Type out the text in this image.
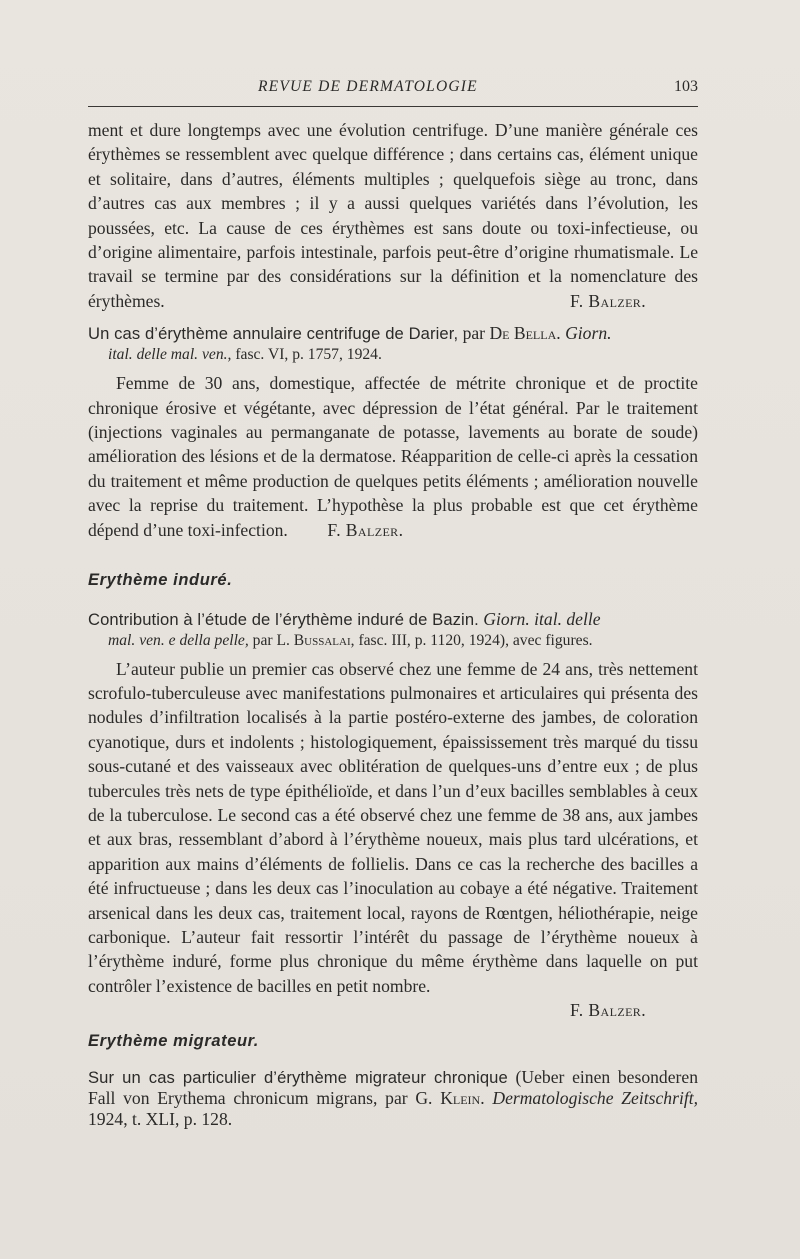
REVUE DE DERMATOLOGIE	103

ment et dure longtemps avec une évolution centrifuge. D’une manière générale ces érythèmes se ressemblent avec quelque différence ; dans certains cas, élément unique et solitaire, dans d’autres, éléments multiples ; quelquefois siège au tronc, dans d’autres cas aux membres ; il y a aussi quelques variétés dans l’évolution, les poussées, etc. La cause de ces érythèmes est sans doute ou toxi-infectieuse, ou d’origine alimentaire, parfois intestinale, parfois peut-être d’origine rhumatismale. Le travail se termine par des considérations sur la définition et la nomenclature des érythèmes.	F. Balzer.

Un cas d’érythème annulaire centrifuge de Darier, par De Bella. Giorn.
ital. delle mal. ven., fasc. VI, p. 1757, 1924.

Femme de 30 ans, domestique, affectée de métrite chronique et de proctite chronique érosive et végétante, avec dépression de l’état général. Par le traitement (injections vaginales au permanganate de potasse, lavements au borate de soude) amélioration des lésions et de la dermatose. Réapparition de celle-ci après la cessation du traitement et même production de quelques petits éléments ; amélioration nouvelle avec la reprise du traitement. L’hypothèse la plus probable est que cet érythème dépend d’une toxi-infection. F. Balzer.

Erythème induré.

Contribution à l’étude de l’érythème induré de Bazin. Giorn. ital. delle
mal. ven. e della pelle, par L. Bussalai, fasc. III, p. 1120, 1924), avec figures.

L’auteur publie un premier cas observé chez une femme de 24 ans, très nettement scrofulo-tuberculeuse avec manifestations pulmonaires et articulaires qui présenta des nodules d’infiltration localisés à la partie postéro-externe des jambes, de coloration cyanotique, durs et indolents ; histologiquement, épaississement très marqué du tissu sous-cutané et des vaisseaux avec oblitération de quelques-uns d’entre eux ; de plus tubercules très nets de type épithélioïde, et dans l’un d’eux bacilles semblables à ceux de la tuberculose. Le second cas a été observé chez une femme de 38 ans, aux jambes et aux bras, ressemblant d’abord à l’érythème noueux, mais plus tard ulcérations, et apparition aux mains d’éléments de follielis. Dans ce cas la recherche des bacilles a été infructueuse ; dans les deux cas l’inoculation au cobaye a été négative. Traitement arsenical dans les deux cas, traitement local, rayons de Rœntgen, héliothérapie, neige carbonique. L’auteur fait ressortir l’intérêt du passage de l’érythème noueux à l’érythème induré, forme plus chronique du même érythème dans laquelle on put contrôler l’existence de bacilles en petit nombre.

F. Balzer.

Erythème migrateur.

Sur un cas particulier d’érythème migrateur chronique (Ueber einen besonderen Fall von Erythema chronicum migrans, par G. Klein. Dermatologische Zeitschrift, 1924, t. XLI, p. 128.
